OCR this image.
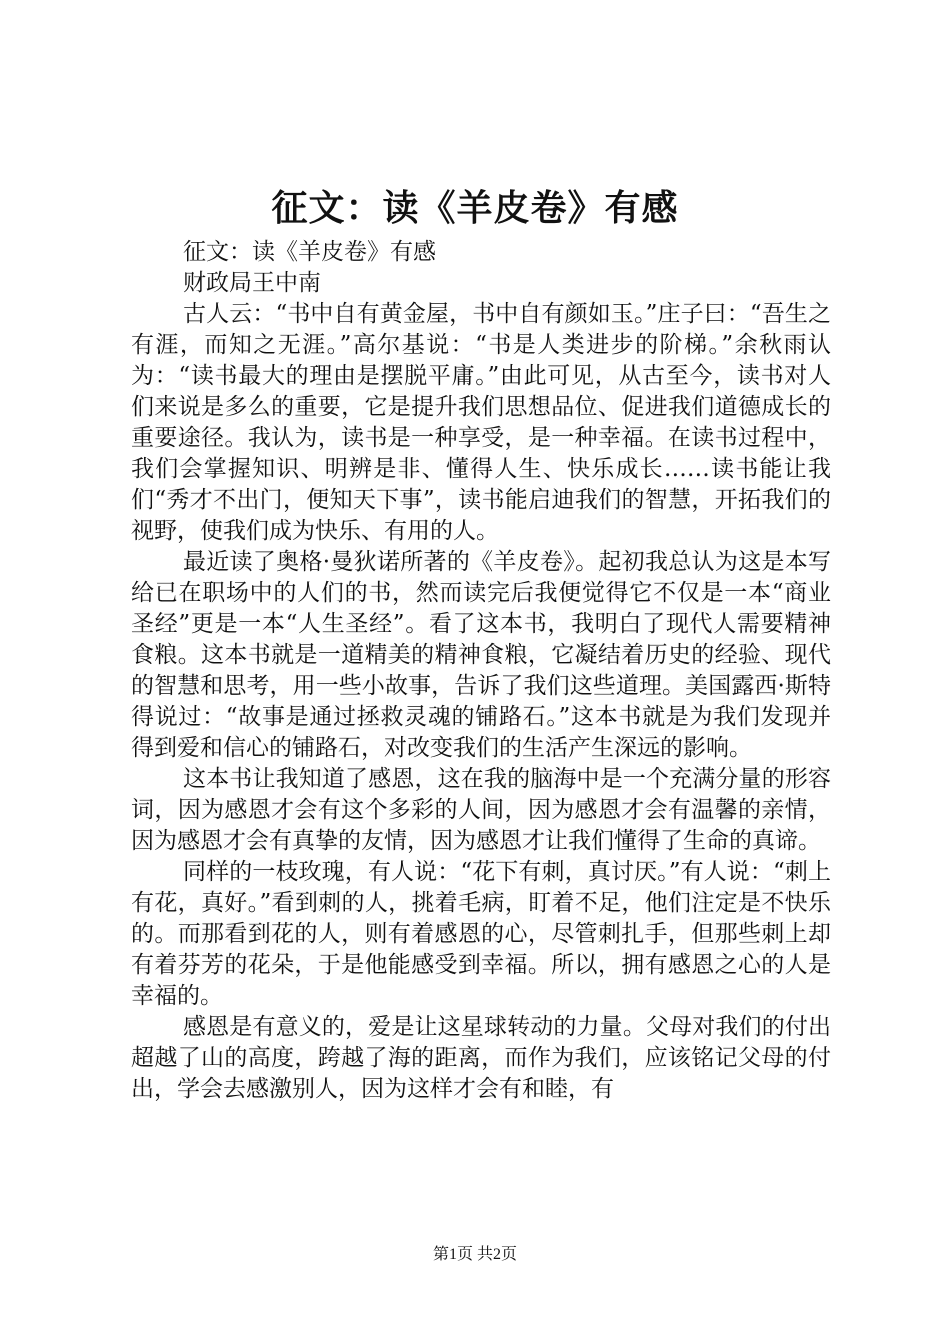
征文：读《羊皮卷》有感

征文：读《羊皮卷》有感

财政局王中南

古人云：“书中自有黄金屋，书中自有颜如玉。”庄子曰：“吾生之有涯，而知之无涯。”高尔基说：“书是人类进步的阶梯。”余秋雨认为：“读书最大的理由是摆脱平庸。”由此可见，从古至今，读书对人们来说是多么的重要，它是提升我们思想品位、促进我们道德成长的重要途径。我认为，读书是一种享受，是一种幸福。在读书过程中，我们会掌握知识、明辨是非、懂得人生、快乐成长……读书能让我们“秀才不出门，便知天下事”，读书能启迪我们的智慧，开拓我们的视野，使我们成为快乐、有用的人。

最近读了奥格·曼狄诺所著的《羊皮卷》。起初我总认为这是本写给已在职场中的人们的书，然而读完后我便觉得它不仅是一本“商业圣经”更是一本“人生圣经”。看了这本书，我明白了现代人需要精神食粮。这本书就是一道精美的精神食粮，它凝结着历史的经验、现代的智慧和思考，用一些小故事，告诉了我们这些道理。美国露西·斯特得说过：“故事是通过拯救灵魂的铺路石。”这本书就是为我们发现并得到爱和信心的铺路石，对改变我们的生活产生深远的影响。

这本书让我知道了感恩，这在我的脑海中是一个充满分量的形容词，因为感恩才会有这个多彩的人间，因为感恩才会有温馨的亲情，因为感恩才会有真挚的友情，因为感恩才让我们懂得了生命的真谛。

同样的一枝玫瑰，有人说：“花下有刺，真讨厌。”有人说：“刺上有花，真好。”看到刺的人，挑着毛病，盯着不足，他们注定是不快乐的。而那看到花的人，则有着感恩的心，尽管刺扎手，但那些刺上却有着芬芳的花朵，于是他能感受到幸福。所以，拥有感恩之心的人是幸福的。

感恩是有意义的，爱是让这星球转动的力量。父母对我们的付出超越了山的高度，跨越了海的距离，而作为我们，应该铭记父母的付出，学会去感激别人，因为这样才会有和睦，有

第1页 共2页
